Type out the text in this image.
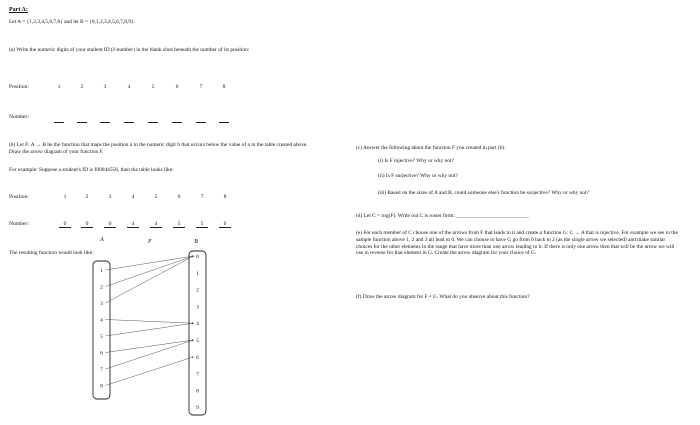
Part A:
Let A = {1,2,3,4,5,6,7,8} and let B = {0,1,2,3,4,5,6,7,8,9}.
(a) Write the numeric digits of your student ID (J-number) in the blank slots beneath the number of its position:
Position:	1	2	3	4	5	6	7	8
Number:
(b) Let F: A → B be the function that maps the position a to the numeric digit b that occurs below the value of a in the table created above. Draw the arrow diagram of your function F.
For example: Suppose a student's ID is J00044556, then the table looks like:
Position:	1	2	3	4	5	6	7	8
Number:	0	0	0	4	4	5	5	6
The resulting function would look like:
A	F	B
1
2
3
4
5
6
7
8
0
1
2
3
4
5
6
7
8
9
(c) Answer the following about the function F you created in part (b):
(i) Is F injective? Why or why not?
(ii) Is F surjective? Why or why not?
(iii) Based on the sizes of A and B, could someone else's function be surjective? Why or why not?
(d) Let C = rng(F). Write out C is roster form: ___________________________
(e) For each member of C choose one of the arrows from F that leads to it and create a function G: C → A that is injective. For example we see in the sample function above 1, 2 and 3 all lead to 0. We can choose to have G go from 0 back to 2 (as the single arrow we selected) and make similar choices for the other elements in the range that have more than one arrow leading to it. If there is only one arrow then that will be the arrow we will use in reverse for that element in G. Create the arrow diagram for your choice of G.
(f) Draw the arrow diagram for F ∘ G. What do you observe about this function?
